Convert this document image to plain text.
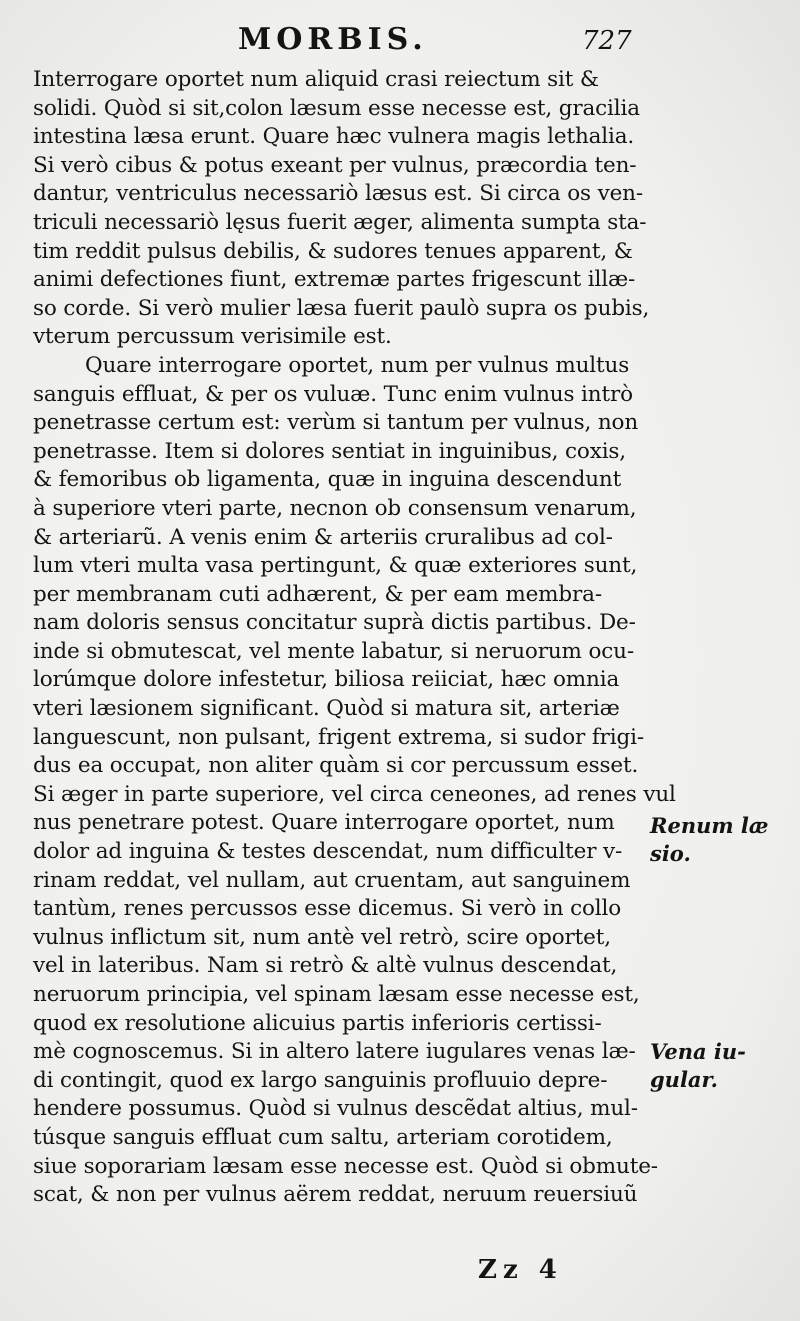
MORBIS.	727
Interrogare oportet num aliquid crasi reiectum sit &
solidi. Quòd si sit,colon læsum esse necesse est, gracilia
intestina læsa erunt. Quare hæc vulnera magis lethalia.
Si verò cibus & potus exeant per vulnus, præcordia ten-
dantur, ventriculus necessariò læsus est. Si circa os ven-
triculi necessariò lęsus fuerit æger, alimenta sumpta sta-
tim reddit pulsus debilis, & sudores tenues apparent, &
animi defectiones fiunt, extremæ partes frigescunt illæ-
so corde. Si verò mulier læsa fuerit paulò supra os pubis,
vterum percussum verisimile est.
Quare interrogare oportet, num per vulnus multus
sanguis effluat, & per os vuluæ. Tunc enim vulnus intrò
penetrasse certum est: verùm si tantum per vulnus, non
penetrasse. Item si dolores sentiat in inguinibus, coxis,
& femoribus ob ligamenta, quæ in inguina descendunt
à superiore vteri parte, necnon ob consensum venarum,
& arteriarũ. A venis enim & arteriis cruralibus ad col-
lum vteri multa vasa pertingunt, & quæ exteriores sunt,
per membranam cuti adhærent, & per eam membra-
nam doloris sensus concitatur suprà dictis partibus. De-
inde si obmutescat, vel mente labatur, si neruorum ocu-
lorúmque dolore infestetur, biliosa reiiciat, hæc omnia
vteri læsionem significant. Quòd si matura sit, arteriæ
languescunt, non pulsant, frigent extrema, si sudor frigi-
dus ea occupat, non aliter quàm si cor percussum esset.
Si æger in parte superiore, vel circa ceneones, ad renes vul
nus penetrare potest. Quare interrogare oportet, num
dolor ad inguina & testes descendat, num difficulter v-
rinam reddat, vel nullam, aut cruentam, aut sanguinem
tantùm, renes percussos esse dicemus. Si verò in collo
vulnus inflictum sit, num antè vel retrò, scire oportet,
vel in lateribus. Nam si retrò & altè vulnus descendat,
neruorum principia, vel spinam læsam esse necesse est,
quod ex resolutione alicuius partis inferioris certissi-
mè cognoscemus. Si in altero latere iugulares venas læ-
di contingit, quod ex largo sanguinis profluuio depre-
hendere possumus. Quòd si vulnus descẽdat altius, mul-
túsque sanguis effluat cum saltu, arteriam corotidem,
siue soporariam læsam esse necesse est. Quòd si obmute-
scat, & non per vulnus aërem reddat, neruum reuersiuũ
Renum læ
sio.
Vena iu-
gular.
Zz 4
